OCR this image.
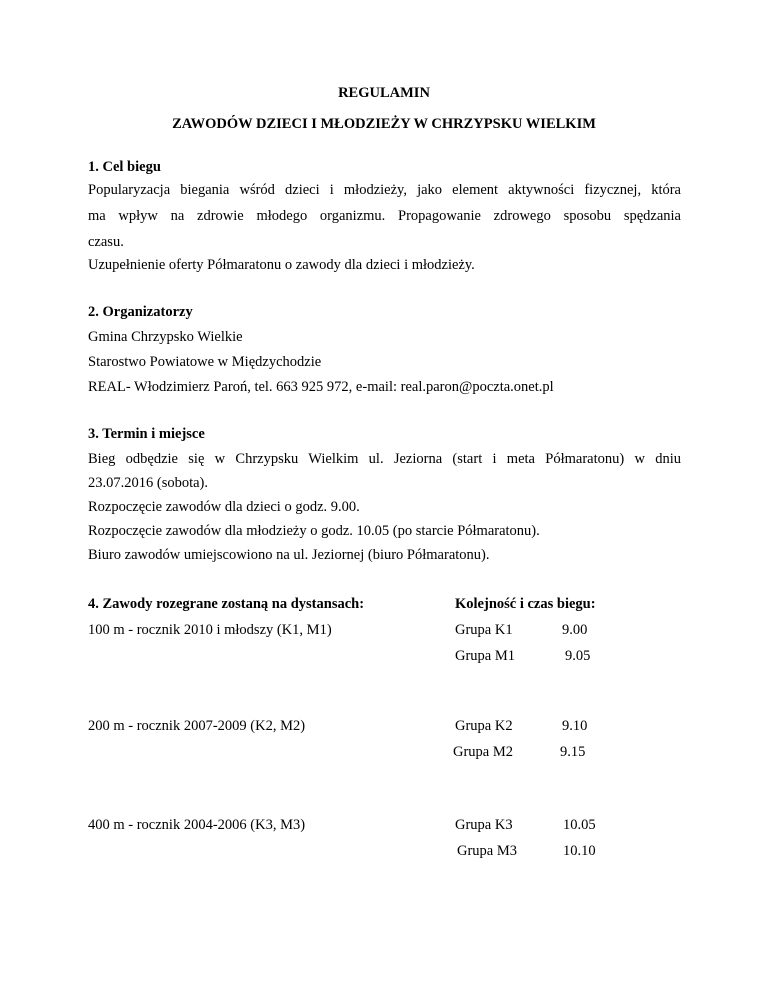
REGULAMIN
ZAWODÓW DZIECI I MŁODZIEŻY W CHRZYPSKU WIELKIM
1. Cel biegu
Popularyzacja biegania wśród dzieci i młodzieży, jako element aktywności fizycznej, która
ma wpływ na zdrowie młodego organizmu. Propagowanie zdrowego sposobu spędzania
czasu.
Uzupełnienie oferty Półmaratonu o zawody dla dzieci i młodzieży.
2. Organizatorzy
Gmina Chrzypsko Wielkie
Starostwo Powiatowe w Międzychodzie
REAL- Włodzimierz Paroń, tel. 663 925 972, e-mail: real.paron@poczta.onet.pl
3. Termin i miejsce
Bieg odbędzie się w Chrzypsku Wielkim ul. Jeziorna (start i meta Półmaratonu) w dniu
23.07.2016 (sobota).
Rozpoczęcie zawodów dla dzieci o godz. 9.00.
Rozpoczęcie zawodów dla młodzieży o godz. 10.05 (po starcie Półmaratonu).
Biuro zawodów umiejscowiono na ul. Jeziornej (biuro Półmaratonu).
4. Zawody rozegrane zostaną na dystansach:	Kolejność i czas biegu:
100 m - rocznik 2010 i młodszy (K1, M1)	Grupa K1	9.00
Grupa M1	9.05
200 m - rocznik 2007-2009 (K2, M2)	Grupa K2	9.10
Grupa M2	9.15
400 m - rocznik 2004-2006 (K3, M3)	Grupa K3	10.05
Grupa M3	10.10
